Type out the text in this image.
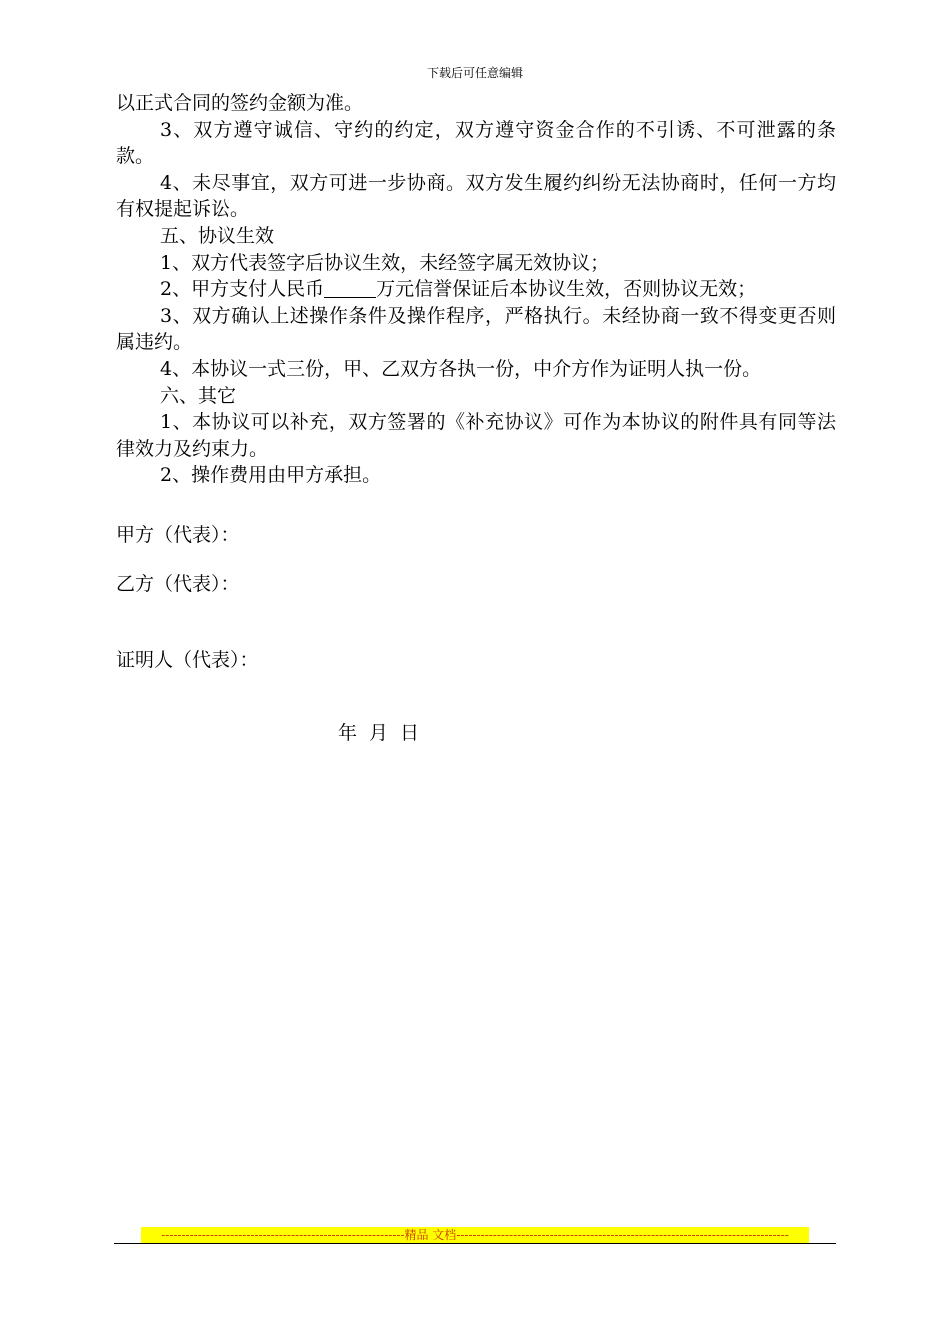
下载后可任意编辑

以正式合同的签约金额为准。

3、双方遵守诚信、守约的约定，双方遵守资金合作的不引诱、不可泄露的条款。

4、未尽事宜，双方可进一步协商。双方发生履约纠纷无法协商时，任何一方均有权提起诉讼。

五、协议生效

1、双方代表签字后协议生效，未经签字属无效协议；

2、甲方支付人民币	万元信誉保证后本协议生效，否则协议无效；

3、双方确认上述操作条件及操作程序，严格执行。未经协商一致不得变更否则属违约。

4、本协议一式三份，甲、乙双方各执一份，中介方作为证明人执一份。

六、其它

1、本协议可以补充，双方签署的《补充协议》可作为本协议的附件具有同等法律效力及约束力。

2、操作费用由甲方承担。

甲方（代表）：
乙方（代表）：
证明人（代表）：
年 月 日
------------------------------------------------------------精品 文档----------------------------------------------------------------------------------
